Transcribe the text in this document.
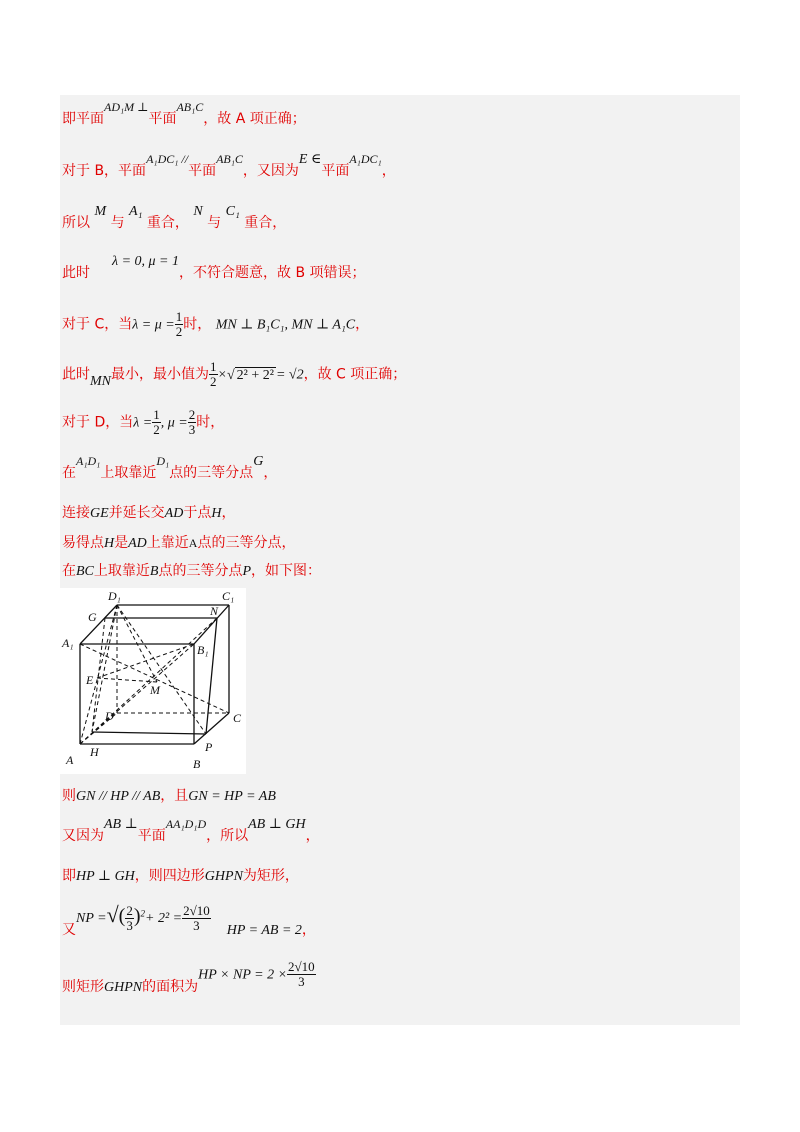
即平面AD₁M ⊥平面AB₁C，故 A 项正确；
对于 B，平面A₁DC₁ //平面AB₁C，又因为E ∈平面A₁DC₁，
所以 M 与 A₁ 重合， N 与 C₁ 重合，
此时λ = 0, μ = 1，不符合题意，故 B 项错误；
对于 C，当$\lambda = \mu = \frac{1}{2}$ 时， MN ⊥ B₁C₁, MN ⊥ A₁C，
此时MN最小，最小值为 $\frac{1}{2}$ ×√ 2² + 2² = √2，故 C 项正确；
对于 D，当$\lambda = \frac{1}{2}$ , $\mu = \frac{2}{3}$ 时，
在A₁D₁上取靠近D₁点的三等分点G，
连接GE并延长交AD于点H，
易得点H是AD上靠近A点的三等分点，
在BC上取靠近B点的三等分点P，如下图：
D₁	C₁
G	N
A₁	B₁
E
M
D	C
H	P
A	B
则GN // HP // AB，且GN = HP = AB
又因为AB ⊥平面AA₁D₁D，所以AB ⊥ GH，
即HP ⊥ GH，则四边形GHPN为矩形，
又NP =√( $\frac{2}{3} )^2+ 2^2 = \frac{2√10}{3}$ HP = AB = 2，
则矩形GHPN的面积为HP × NP = $2 \times \frac{2√10}{3}$
